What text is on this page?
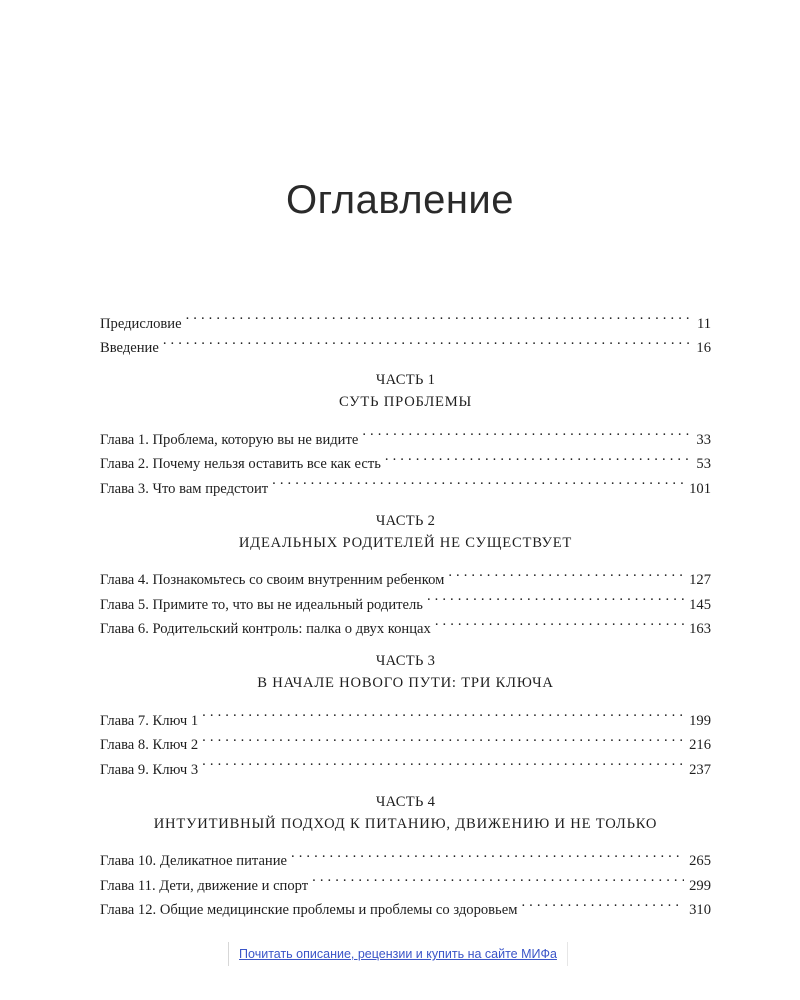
Оглавление
Предисловие . . .	11
Введение . . .	16
ЧАСТЬ 1
СУТЬ ПРОБЛЕМЫ
Глава 1. Проблема, которую вы не видите . . .	33
Глава 2. Почему нельзя оставить все как есть . . .	53
Глава 3. Что вам предстоит . . .	101
ЧАСТЬ 2
ИДЕАЛЬНЫХ РОДИТЕЛЕЙ НЕ СУЩЕСТВУЕТ
Глава 4. Познакомьтесь со своим внутренним ребенком . . .	127
Глава 5. Примите то, что вы не идеальный родитель . . .	145
Глава 6. Родительский контроль: палка о двух концах . . .	163
ЧАСТЬ 3
В НАЧАЛЕ НОВОГО ПУТИ: ТРИ КЛЮЧА
Глава 7. Ключ 1 . . .	199
Глава 8. Ключ 2 . . .	216
Глава 9. Ключ 3 . . .	237
ЧАСТЬ 4
ИНТУИТИВНЫЙ ПОДХОД К ПИТАНИЮ, ДВИЖЕНИЮ И НЕ ТОЛЬКО
Глава 10. Деликатное питание . . .	265
Глава 11. Дети, движение и спорт . . .	299
Глава 12. Общие медицинские проблемы и проблемы со здоровьем . . .	310
Почитать описание, рецензии и купить на сайте МИФа
